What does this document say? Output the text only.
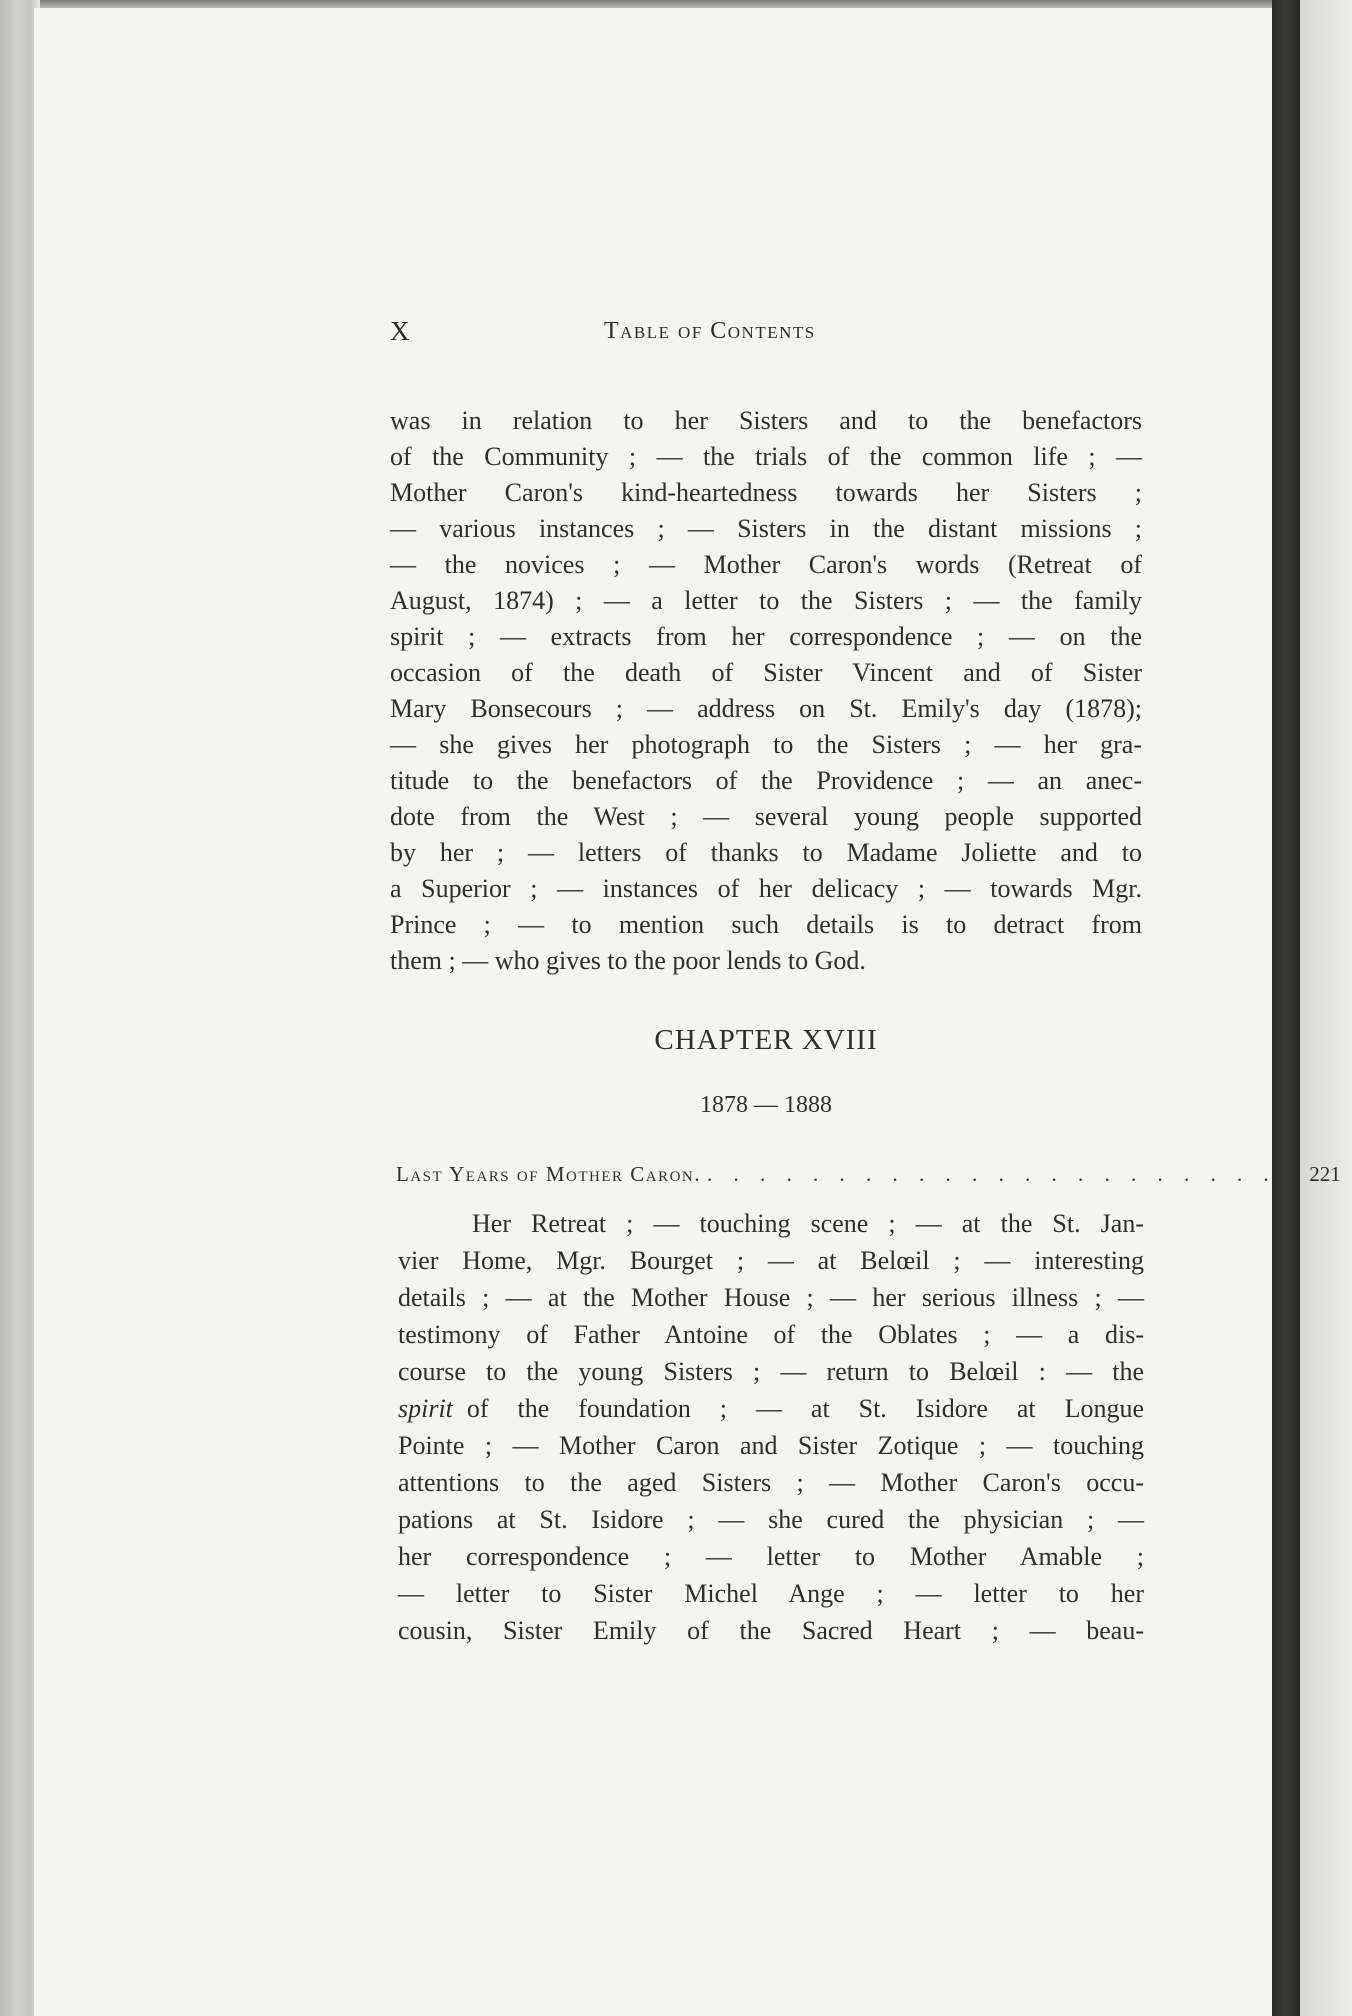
X	Table of Contents
was in relation to her Sisters and to the benefactors
of the Community ; — the trials of the common life ; —
Mother Caron's kind-heartedness towards her Sisters ;
— various instances ; — Sisters in the distant missions ;
— the novices ; — Mother Caron's words (Retreat of
August, 1874) ; — a letter to the Sisters ; — the family
spirit ; — extracts from her correspondence ; — on the
occasion of the death of Sister Vincent and of Sister
Mary Bonsecours ; — address on St. Emily's day (1878);
— she gives her photograph to the Sisters ; — her gra-
titude to the benefactors of the Providence ; — an anec-
dote from the West ; — several young people supported
by her ; — letters of thanks to Madame Joliette and to
a Superior ; — instances of her delicacy ; — towards Mgr.
Prince ; — to mention such details is to detract from
them ; — who gives to the poor lends to God.
CHAPTER XVIII
1878 — 1888
Last Years of Mother Caron. . . . . . . . . . . . . . . . . . . . . . . . 221
Her Retreat ; — touching scene ; — at the St. Jan-
vier Home, Mgr. Bourget ; — at Belœil ; — interesting
details ; — at the Mother House ; — her serious illness ; —
testimony of Father Antoine of the Oblates ; — a dis-
course to the young Sisters ; — return to Belœil : — the
spirit of the foundation ; — at St. Isidore at Longue
Pointe ; — Mother Caron and Sister Zotique ; — touching
attentions to the aged Sisters ; — Mother Caron's occu-
pations at St. Isidore ; — she cured the physician ; —
her correspondence ; — letter to Mother Amable ;
— letter to Sister Michel Ange ; — letter to her
cousin, Sister Emily of the Sacred Heart ; — beau-
